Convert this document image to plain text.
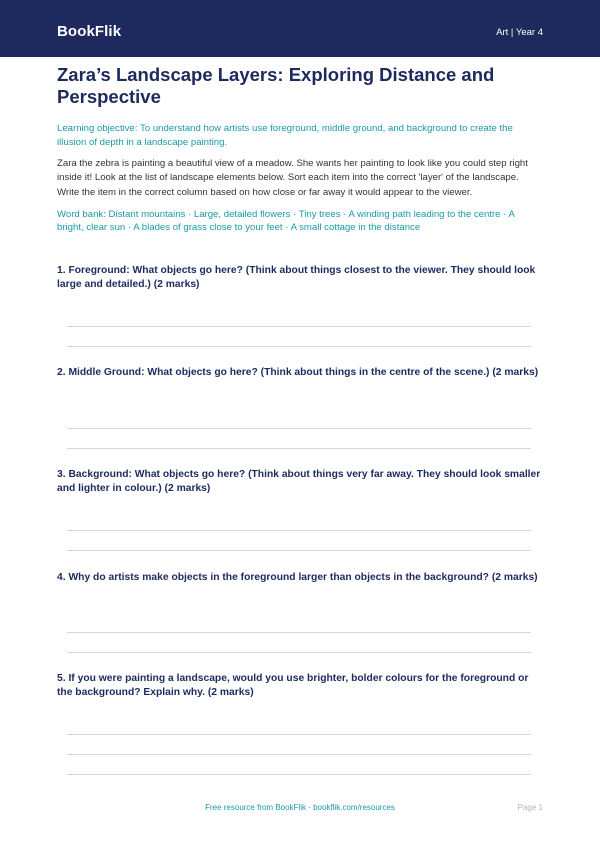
BookFlik	Art | Year 4
Zara’s Landscape Layers: Exploring Distance and Perspective

Learning objective: To understand how artists use foreground, middle ground, and background to create the illusion of depth in a landscape painting.

Zara the zebra is painting a beautiful view of a meadow. She wants her painting to look like you could step right inside it! Look at the list of landscape elements below. Sort each item into the correct 'layer' of the landscape. Write the item in the correct column based on how close or far away it would appear to the viewer.

Word bank: Distant mountains · Large, detailed flowers · Tiny trees · A winding path leading to the centre · A bright, clear sun · A blades of grass close to your feet · A small cottage in the distance

1. Foreground: What objects go here? (Think about things closest to the viewer. They should look large and detailed.) (2 marks)

2. Middle Ground: What objects go here? (Think about things in the centre of the scene.) (2 marks)

3. Background: What objects go here? (Think about things very far away. They should look smaller and lighter in colour.) (2 marks)

4. Why do artists make objects in the foreground larger than objects in the background? (2 marks)

5. If you were painting a landscape, would you use brighter, bolder colours for the foreground or the background? Explain why. (2 marks)

Free resource from BookFlik · bookflik.com/resources	Page 1
